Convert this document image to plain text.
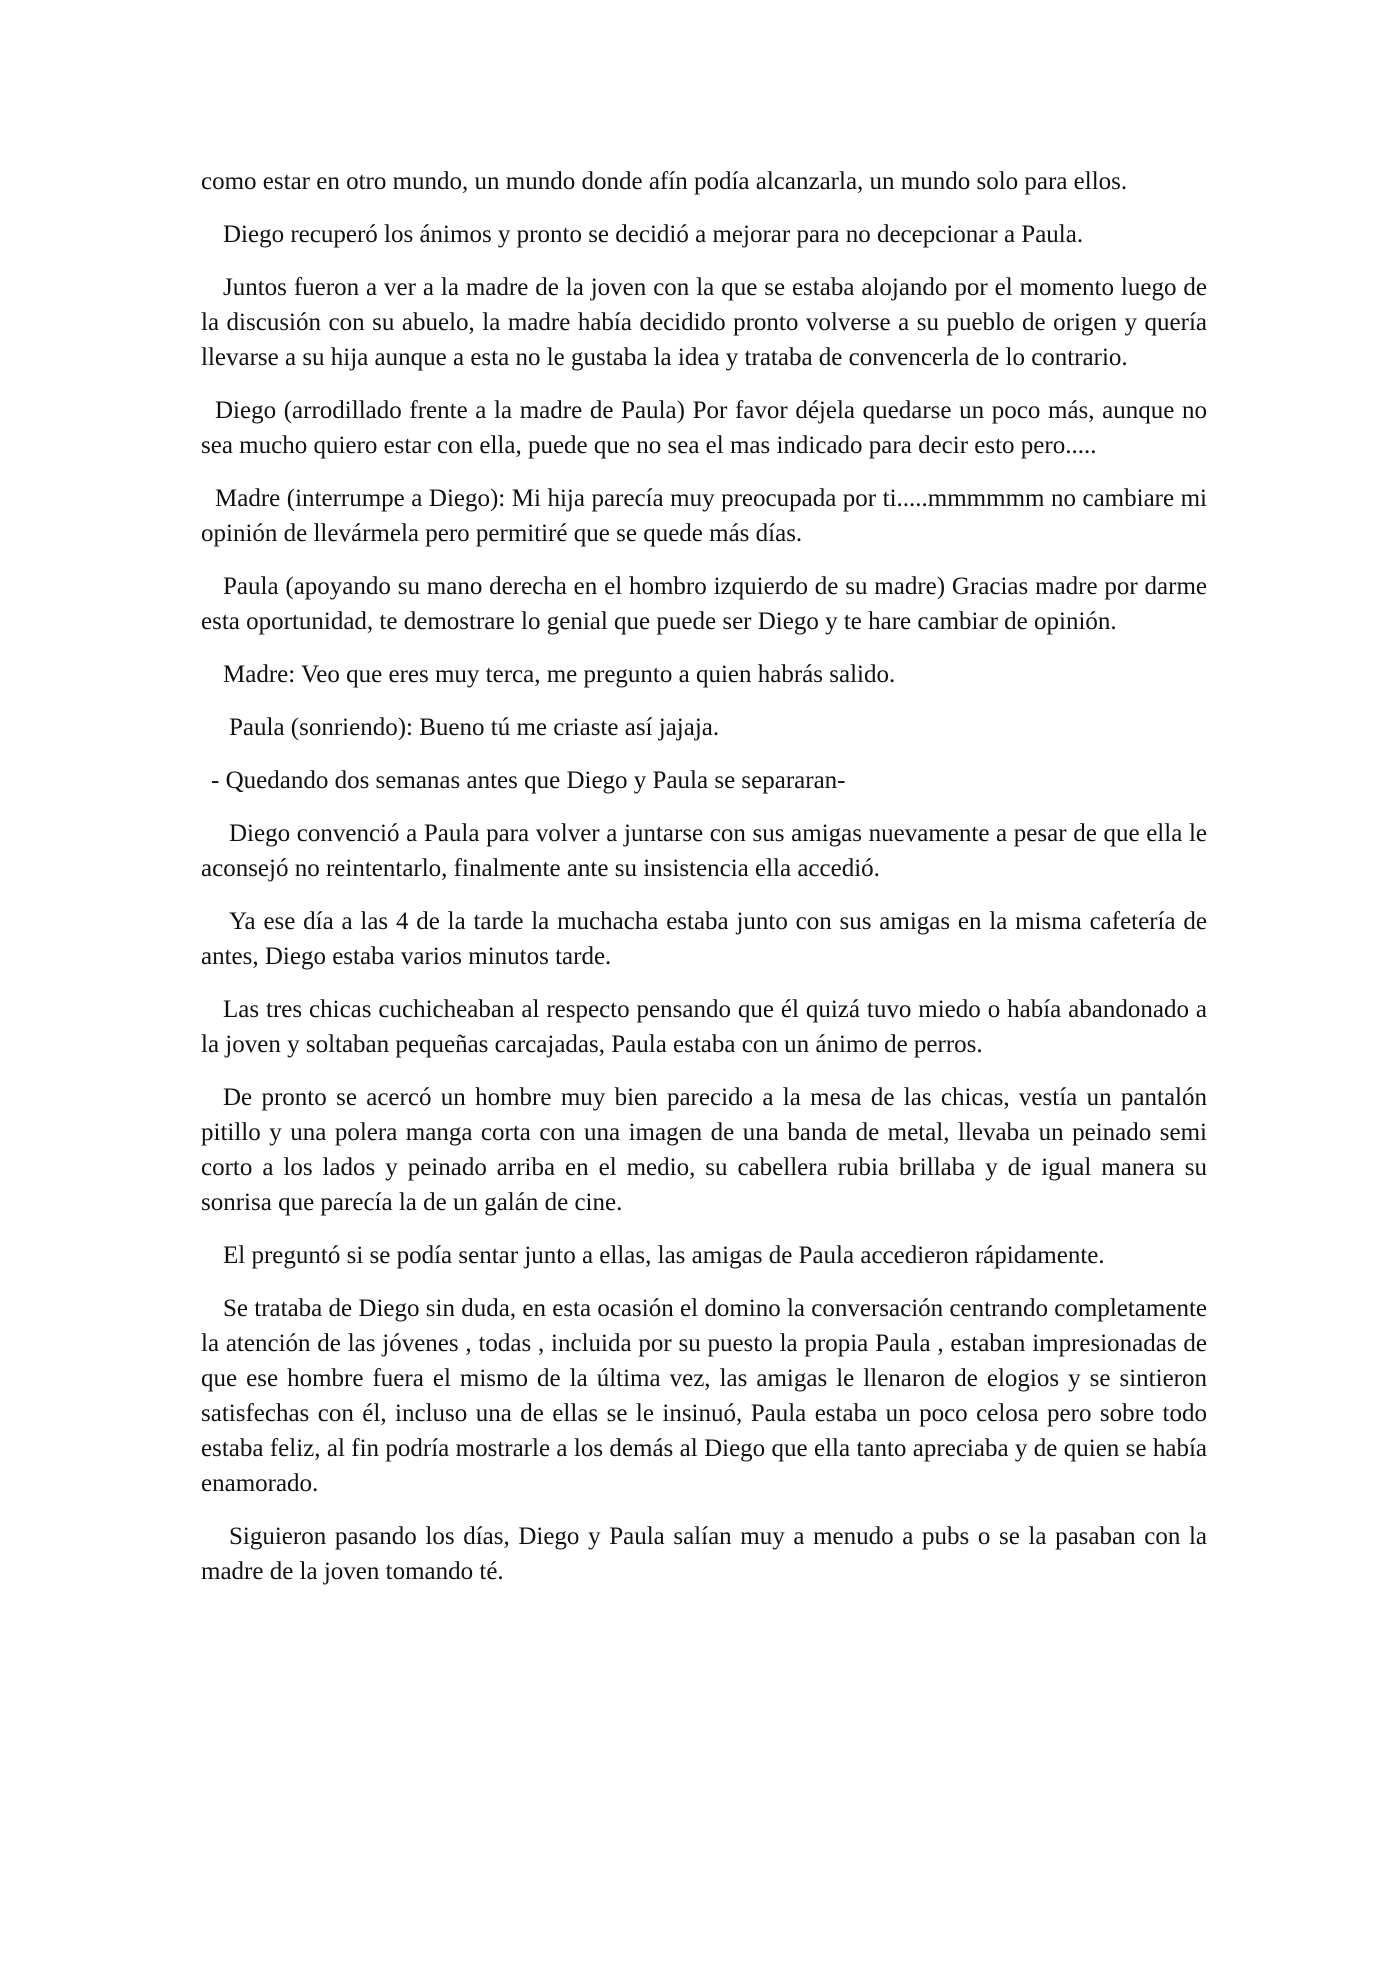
como estar en otro mundo, un mundo donde afín podía alcanzarla, un mundo solo para ellos.

Diego recuperó los ánimos y pronto se decidió a mejorar para no decepcionar a Paula.

Juntos fueron a ver a la madre de la joven con la que se estaba alojando por el momento luego de la discusión con su abuelo, la madre había decidido pronto volverse a su pueblo de origen y quería llevarse a su hija aunque a esta no le gustaba la idea y trataba de convencerla de lo contrario.

Diego (arrodillado frente a la madre de Paula) Por favor déjela quedarse un poco más, aunque no sea mucho quiero estar con ella, puede que no sea el mas indicado para decir esto pero.....

Madre (interrumpe a Diego): Mi hija parecía muy preocupada por ti.....mmmmmm no cambiare mi opinión de llevármela pero permitiré que se quede más días.

Paula (apoyando su mano derecha en el hombro izquierdo de su madre) Gracias madre por darme esta oportunidad, te demostrare lo genial que puede ser Diego y te hare cambiar de opinión.

Madre: Veo que eres muy terca, me pregunto a quien habrás salido.

Paula (sonriendo): Bueno tú me criaste así jajaja.

- Quedando dos semanas antes que Diego y Paula se separaran-

Diego convenció a Paula para volver a juntarse con sus amigas nuevamente a pesar de que ella le aconsejó no reintentarlo, finalmente ante su insistencia ella accedió.

Ya ese día a las 4 de la tarde la muchacha estaba junto con sus amigas en la misma cafetería de antes, Diego estaba varios minutos tarde.

Las tres chicas cuchicheaban al respecto pensando que él quizá tuvo miedo o había abandonado a la joven y soltaban pequeñas carcajadas, Paula estaba con un ánimo de perros.

De pronto se acercó un hombre muy bien parecido a la mesa de las chicas, vestía un pantalón pitillo y una polera manga corta con una imagen de una banda de metal, llevaba un peinado semi corto a los lados y peinado arriba en el medio, su cabellera rubia brillaba y de igual manera su sonrisa que parecía la de un galán de cine.

El preguntó si se podía sentar junto a ellas, las amigas de Paula accedieron rápidamente.

Se trataba de Diego sin duda, en esta ocasión el domino la conversación centrando completamente la atención de las jóvenes , todas , incluida por su puesto la propia Paula , estaban impresionadas de que ese hombre fuera el mismo de la última vez, las amigas le llenaron de elogios y se sintieron satisfechas con él, incluso una de ellas se le insinuó, Paula estaba un poco celosa pero sobre todo estaba feliz, al fin podría mostrarle a los demás al Diego que ella tanto apreciaba y de quien se había enamorado.

Siguieron pasando los días, Diego y Paula salían muy a menudo a pubs o se la pasaban con la madre de la joven tomando té.
